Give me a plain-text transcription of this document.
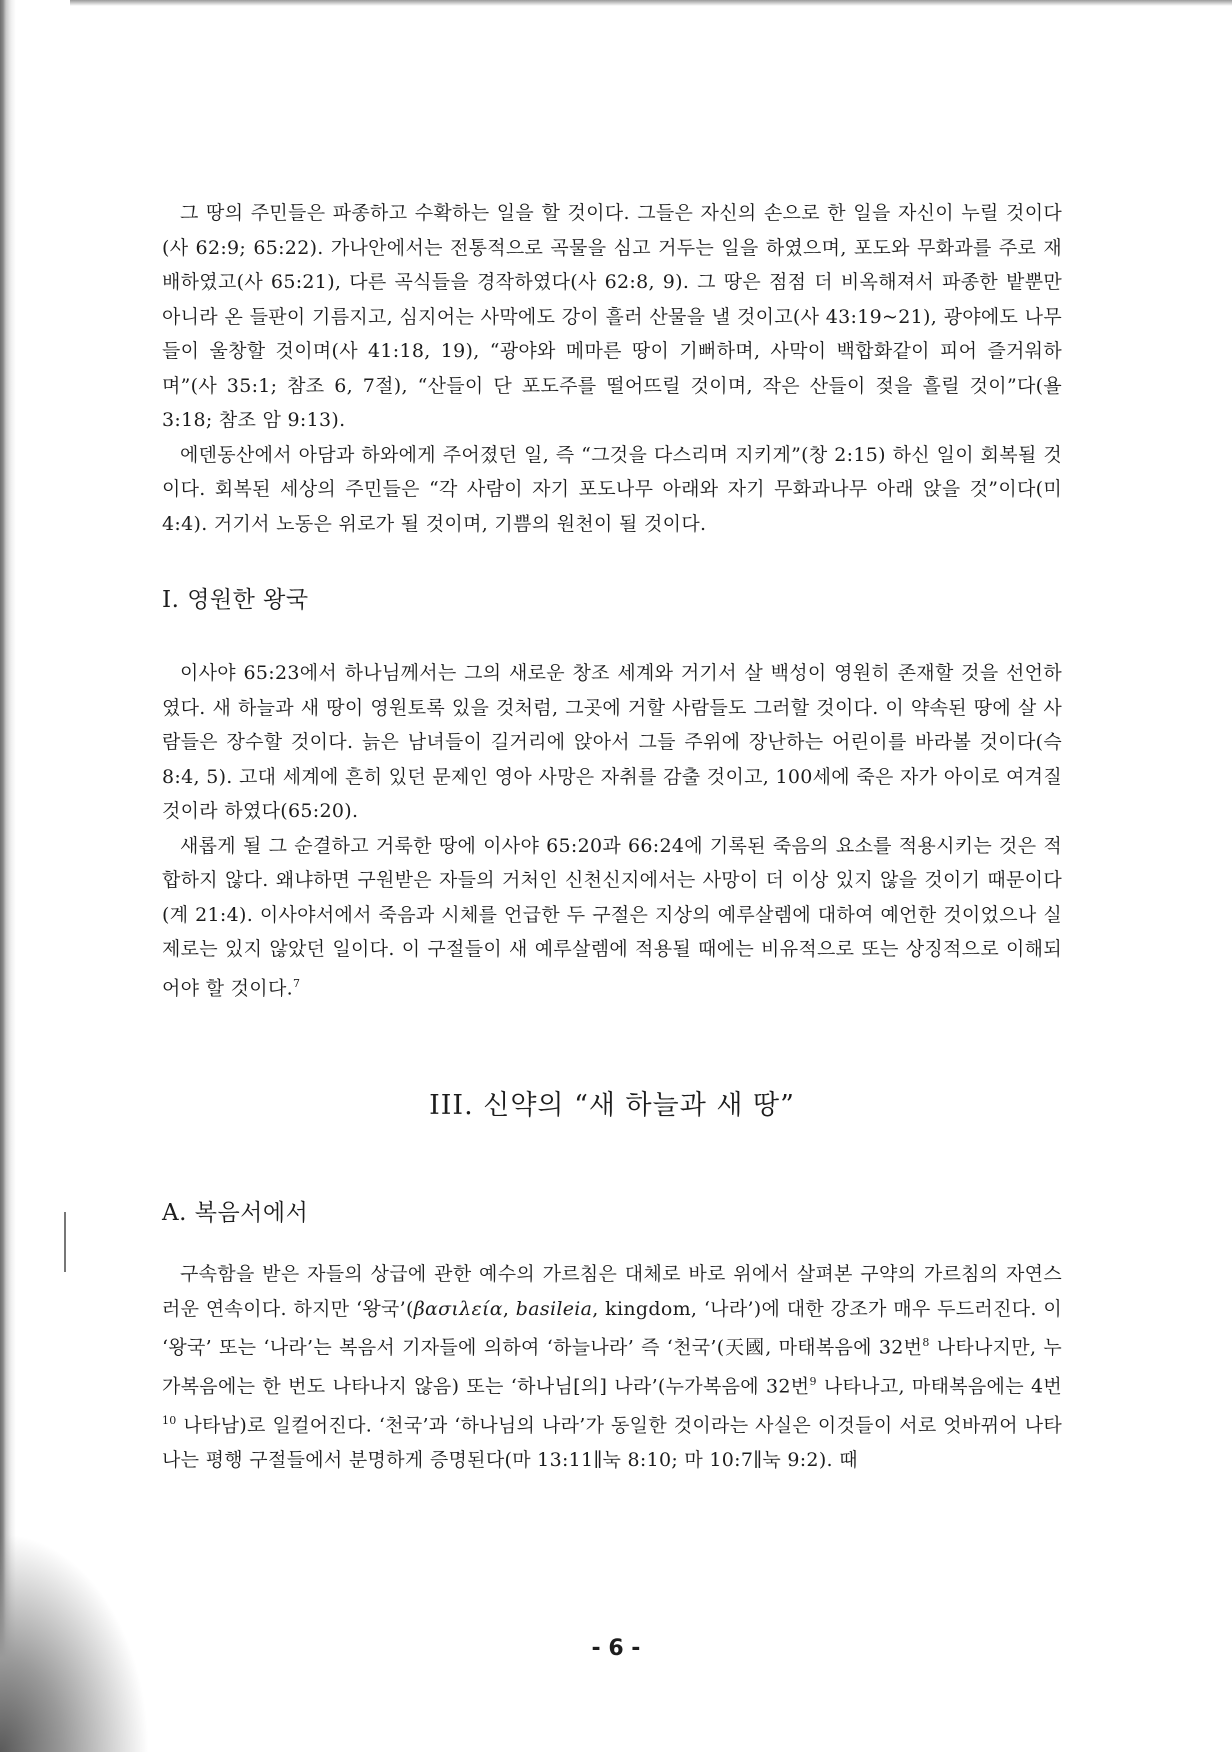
그 땅의 주민들은 파종하고 수확하는 일을 할 것이다. 그들은 자신의 손으로 한 일을 자신이 누릴 것이다(사 62:9; 65:22). 가나안에서는 전통적으로 곡물을 심고 거두는 일을 하였으며, 포도와 무화과를 주로 재배하였고(사 65:21), 다른 곡식들을 경작하였다(사 62:8, 9). 그 땅은 점점 더 비옥해져서 파종한 밭뿐만 아니라 온 들판이 기름지고, 심지어는 사막에도 강이 흘러 산물을 낼 것이고(사 43:19~21), 광야에도 나무들이 울창할 것이며(사 41:18, 19), “광야와 메마른 땅이 기뻐하며, 사막이 백합화같이 피어 즐거워하며”(사 35:1; 참조 6, 7절), “산들이 단 포도주를 떨어뜨릴 것이며, 작은 산들이 젖을 흘릴 것이”다(욜 3:18; 참조 암 9:13).

에덴동산에서 아담과 하와에게 주어졌던 일, 즉 “그것을 다스리며 지키게”(창 2:15) 하신 일이 회복될 것이다. 회복된 세상의 주민들은 “각 사람이 자기 포도나무 아래와 자기 무화과나무 아래 앉을 것”이다(미 4:4). 거기서 노동은 위로가 될 것이며, 기쁨의 원천이 될 것이다.

I. 영원한 왕국

이사야 65:23에서 하나님께서는 그의 새로운 창조 세계와 거기서 살 백성이 영원히 존재할 것을 선언하였다. 새 하늘과 새 땅이 영원토록 있을 것처럼, 그곳에 거할 사람들도 그러할 것이다. 이 약속된 땅에 살 사람들은 장수할 것이다. 늙은 남녀들이 길거리에 앉아서 그들 주위에 장난하는 어린이를 바라볼 것이다(슥 8:4, 5). 고대 세계에 흔히 있던 문제인 영아 사망은 자취를 감출 것이고, 100세에 죽은 자가 아이로 여겨질 것이라 하였다(65:20).

새롭게 될 그 순결하고 거룩한 땅에 이사야 65:20과 66:24에 기록된 죽음의 요소를 적용시키는 것은 적합하지 않다. 왜냐하면 구원받은 자들의 거처인 신천신지에서는 사망이 더 이상 있지 않을 것이기 때문이다(계 21:4). 이사야서에서 죽음과 시체를 언급한 두 구절은 지상의 예루살렘에 대하여 예언한 것이었으나 실제로는 있지 않았던 일이다. 이 구절들이 새 예루살렘에 적용될 때에는 비유적으로 또는 상징적으로 이해되어야 할 것이다.$^7$

III. 신약의 “새 하늘과 새 땅”
A. 복음서에서

구속함을 받은 자들의 상급에 관한 예수의 가르침은 대체로 바로 위에서 살펴본 구약의 가르침의 자연스러운 연속이다. 하지만 ‘왕국’(βασιλεία, basileia, kingdom, ‘나라’)에 대한 강조가 매우 두드러진다. 이 ‘왕국’ 또는 ‘나라’는 복음서 기자들에 의하여 ‘하늘나라’ 즉 ‘천국’(天國, 마태복음에 32번$^8$ 나타나지만, 누가복음에는 한 번도 나타나지 않음) 또는 ‘하나님[의] 나라’(누가복음에 32번$^9$ 나타나고, 마태복음에는 4번$^{10}$ 나타남)로 일컬어진다. ‘천국’과 ‘하나님의 나라’가 동일한 것이라는 사실은 이것들이 서로 엇바뀌어 나타나는 평행 구절들에서 분명하게 증명된다(마 13:11∥눅 8:10; 마 10:7∥눅 9:2). 때

- 6 -
